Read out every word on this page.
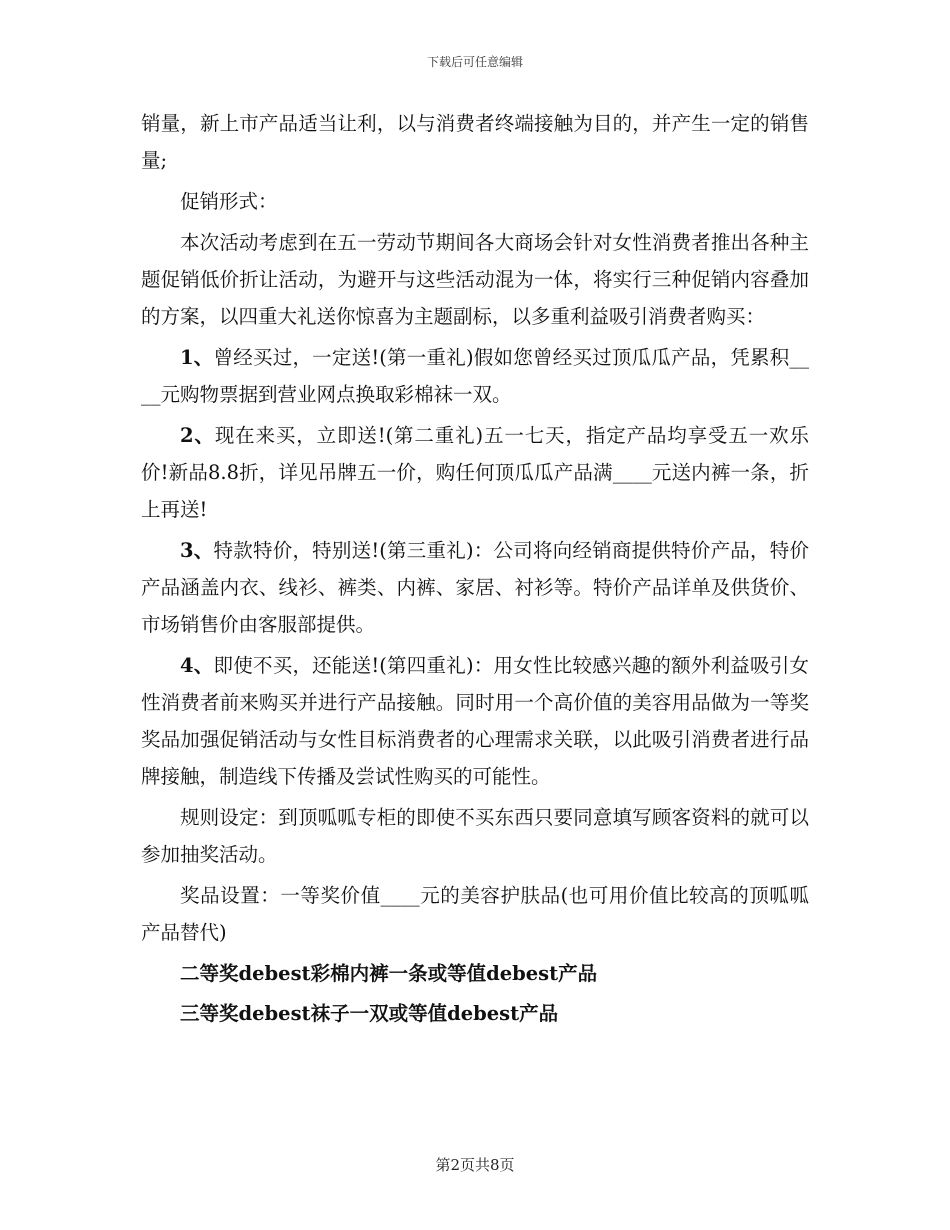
下载后可任意编辑

销量，新上市产品适当让利，以与消费者终端接触为目的，并产生一定的销售量;

促销形式：

本次活动考虑到在五一劳动节期间各大商场会针对女性消费者推出各种主题促销低价折让活动，为避开与这些活动混为一体，将实行三种促销内容叠加的方案，以四重大礼送你惊喜为主题副标，以多重利益吸引消费者购买：

1、曾经买过，一定送!(第一重礼)假如您曾经买过顶瓜瓜产品，凭累积____元购物票据到营业网点换取彩棉袜一双。

2、现在来买，立即送!(第二重礼)五一七天，指定产品均享受五一欢乐价!新品8.8折，详见吊牌五一价，购任何顶瓜瓜产品满____元送内裤一条，折上再送!

3、特款特价，特别送!(第三重礼)：公司将向经销商提供特价产品，特价产品涵盖内衣、线衫、裤类、内裤、家居、衬衫等。特价产品详单及供货价、市场销售价由客服部提供。

4、即使不买，还能送!(第四重礼)：用女性比较感兴趣的额外利益吸引女性消费者前来购买并进行产品接触。同时用一个高价值的美容用品做为一等奖奖品加强促销活动与女性目标消费者的心理需求关联，以此吸引消费者进行品牌接触，制造线下传播及尝试性购买的可能性。

规则设定：到顶呱呱专柜的即使不买东西只要同意填写顾客资料的就可以参加抽奖活动。

奖品设置：一等奖价值____元的美容护肤品(也可用价值比较高的顶呱呱产品替代)

二等奖debest彩棉内裤一条或等值debest产品

三等奖debest袜子一双或等值debest产品

第2页共8页
